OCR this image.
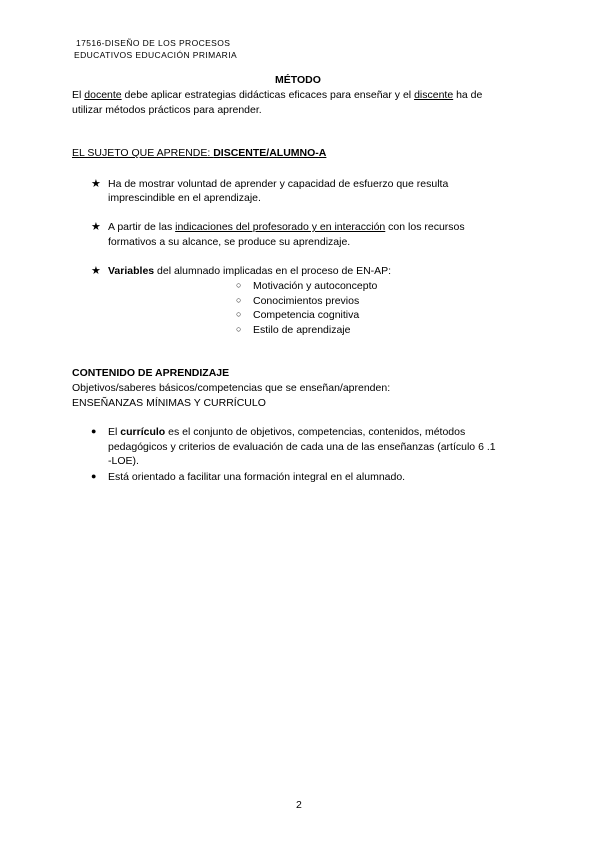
17516-DISEÑO DE LOS PROCESOS
EDUCATIVOS EDUCACIÓN PRIMARIA
MÉTODO
El docente debe aplicar estrategias didácticas eficaces para enseñar y el discente ha de
utilizar métodos prácticos para aprender.
EL SUJETO QUE APRENDE: DISCENTE/ALUMNO-A
★ Ha de mostrar voluntad de aprender y capacidad de esfuerzo que resulta
imprescindible en el aprendizaje.
★ A partir de las indicaciones del profesorado y en interacción con los recursos
formativos a su alcance, se produce su aprendizaje.
★ Variables del alumnado implicadas en el proceso de EN-AP:
○ Motivación y autoconcepto
○ Conocimientos previos
○ Competencia cognitiva
○ Estilo de aprendizaje
CONTENIDO DE APRENDIZAJE
Objetivos/saberes básicos/competencias que se enseñan/aprenden:
ENSEÑANZAS MÍNIMAS Y CURRÍCULO
● El currículo es el conjunto de objetivos, competencias, contenidos, métodos
pedagógicos y criterios de evaluación de cada una de las enseñanzas (artículo 6 .1
-LOE).
● Está orientado a facilitar una formación integral en el alumnado.
2
